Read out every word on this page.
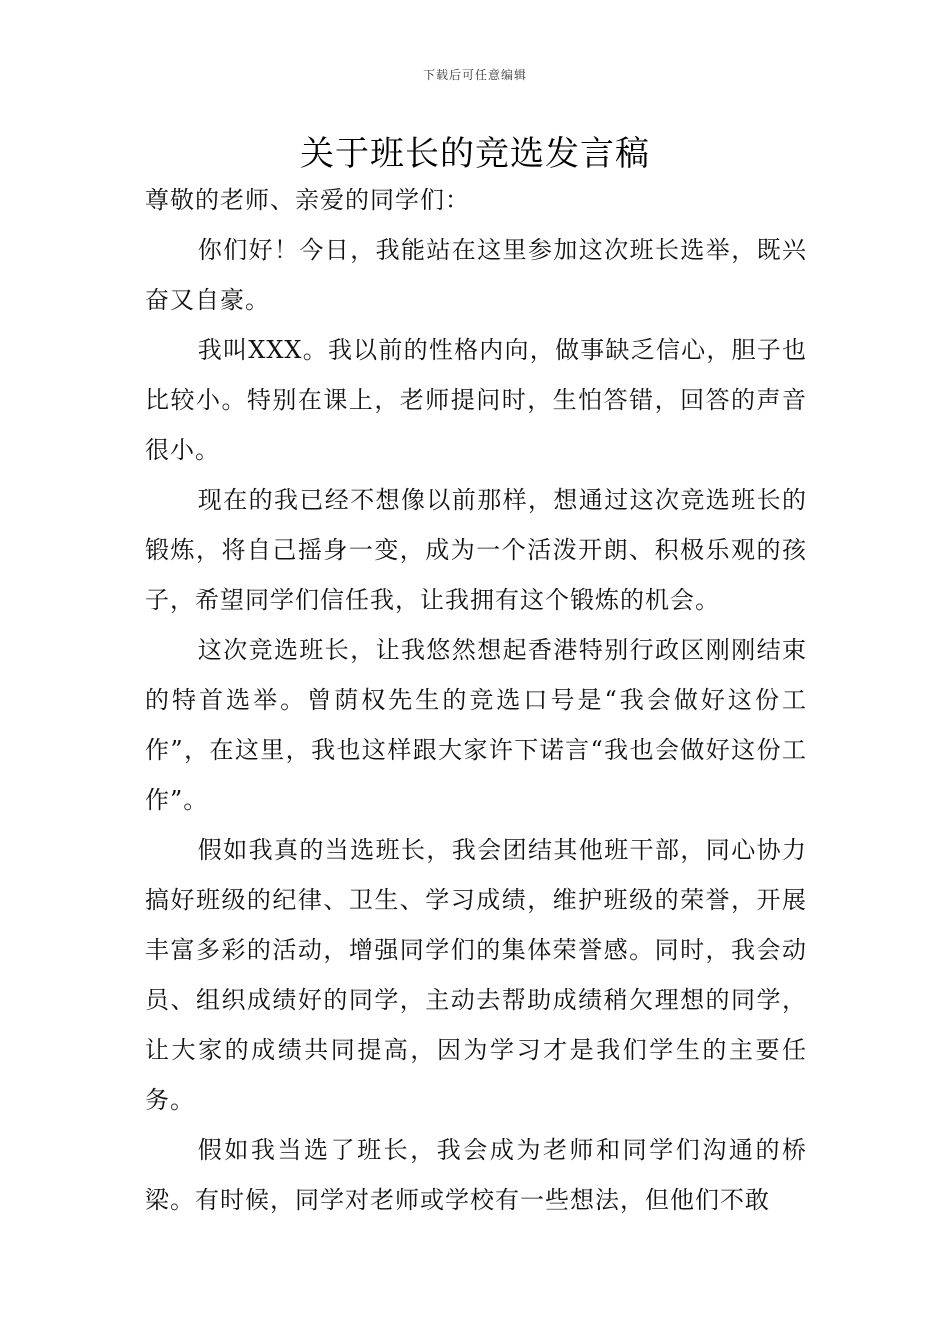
下载后可任意编辑
关于班长的竞选发言稿

尊敬的老师、亲爱的同学们：

你们好！今日，我能站在这里参加这次班长选举，既兴奋又自豪。

我叫XXX。我以前的性格内向，做事缺乏信心，胆子也比较小。特别在课上，老师提问时，生怕答错，回答的声音很小。

现在的我已经不想像以前那样，想通过这次竞选班长的锻炼，将自己摇身一变，成为一个活泼开朗、积极乐观的孩子，希望同学们信任我，让我拥有这个锻炼的机会。

这次竞选班长，让我悠然想起香港特别行政区刚刚结束的特首选举。曾荫权先生的竞选口号是“我会做好这份工作”，在这里，我也这样跟大家许下诺言“我也会做好这份工作”。

假如我真的当选班长，我会团结其他班干部，同心协力搞好班级的纪律、卫生、学习成绩，维护班级的荣誉，开展丰富多彩的活动，增强同学们的集体荣誉感。同时，我会动员、组织成绩好的同学，主动去帮助成绩稍欠理想的同学，让大家的成绩共同提高，因为学习才是我们学生的主要任务。

假如我当选了班长，我会成为老师和同学们沟通的桥梁。有时候，同学对老师或学校有一些想法，但他们不敢
